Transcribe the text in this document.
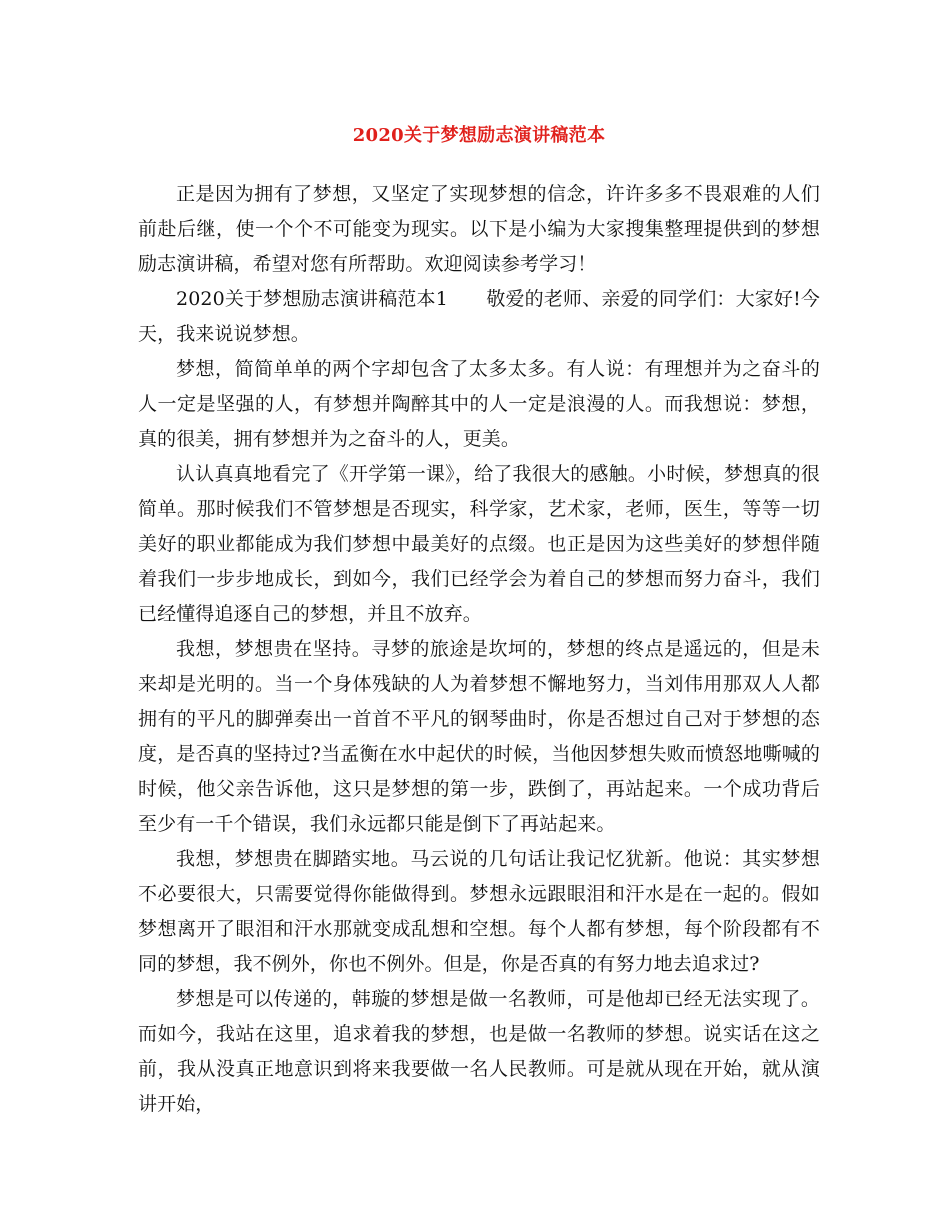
2020关于梦想励志演讲稿范本

正是因为拥有了梦想，又坚定了实现梦想的信念，许许多多不畏艰难的人们前赴后继，使一个个不可能变为现实。以下是小编为大家搜集整理提供到的梦想励志演讲稿，希望对您有所帮助。欢迎阅读参考学习！

2020关于梦想励志演讲稿范本1　　敬爱的老师、亲爱的同学们：大家好!今天，我来说说梦想。

梦想，简简单单的两个字却包含了太多太多。有人说：有理想并为之奋斗的人一定是坚强的人，有梦想并陶醉其中的人一定是浪漫的人。而我想说：梦想，真的很美，拥有梦想并为之奋斗的人，更美。

认认真真地看完了《开学第一课》，给了我很大的感触。小时候，梦想真的很简单。那时候我们不管梦想是否现实，科学家，艺术家，老师，医生，等等一切美好的职业都能成为我们梦想中最美好的点缀。也正是因为这些美好的梦想伴随着我们一步步地成长，到如今，我们已经学会为着自己的梦想而努力奋斗，我们已经懂得追逐自己的梦想，并且不放弃。

我想，梦想贵在坚持。寻梦的旅途是坎坷的，梦想的终点是遥远的，但是未来却是光明的。当一个身体残缺的人为着梦想不懈地努力，当刘伟用那双人人都拥有的平凡的脚弹奏出一首首不平凡的钢琴曲时，你是否想过自己对于梦想的态度，是否真的坚持过?当孟衡在水中起伏的时候，当他因梦想失败而愤怒地嘶喊的时候，他父亲告诉他，这只是梦想的第一步，跌倒了，再站起来。一个成功背后至少有一千个错误，我们永远都只能是倒下了再站起来。

我想，梦想贵在脚踏实地。马云说的几句话让我记忆犹新。他说：其实梦想不必要很大，只需要觉得你能做得到。梦想永远跟眼泪和汗水是在一起的。假如梦想离开了眼泪和汗水那就变成乱想和空想。每个人都有梦想，每个阶段都有不同的梦想，我不例外，你也不例外。但是，你是否真的有努力地去追求过?

梦想是可以传递的，韩璇的梦想是做一名教师，可是他却已经无法实现了。而如今，我站在这里，追求着我的梦想，也是做一名教师的梦想。说实话在这之前，我从没真正地意识到将来我要做一名人民教师。可是就从现在开始，就从演讲开始，
